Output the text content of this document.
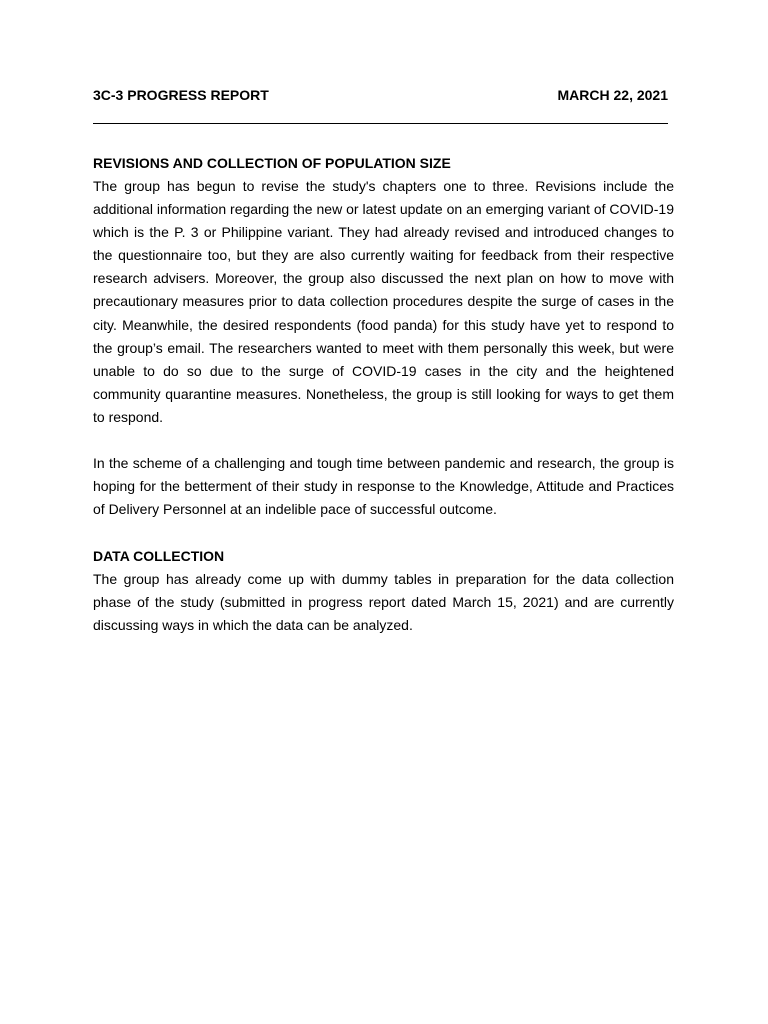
3C-3 PROGRESS REPORT	MARCH 22, 2021

REVISIONS AND COLLECTION OF POPULATION SIZE

The group has begun to revise the study's chapters one to three. Revisions include the additional information regarding the new or latest update on an emerging variant of COVID-19 which is the P. 3 or Philippine variant. They had already revised and introduced changes to the questionnaire too, but they are also currently waiting for feedback from their respective research advisers. Moreover, the group also discussed the next plan on how to move with precautionary measures prior to data collection procedures despite the surge of cases in the city. Meanwhile, the desired respondents (food panda) for this study have yet to respond to the group’s email. The researchers wanted to meet with them personally this week, but were unable to do so due to the surge of COVID-19 cases in the city and the heightened community quarantine measures. Nonetheless, the group is still looking for ways to get them to respond.

In the scheme of a challenging and tough time between pandemic and research, the group is hoping for the betterment of their study in response to the Knowledge, Attitude and Practices of Delivery Personnel at an indelible pace of successful outcome.

DATA COLLECTION

The group has already come up with dummy tables in preparation for the data collection phase of the study (submitted in progress report dated March 15, 2021) and are currently discussing ways in which the data can be analyzed.
